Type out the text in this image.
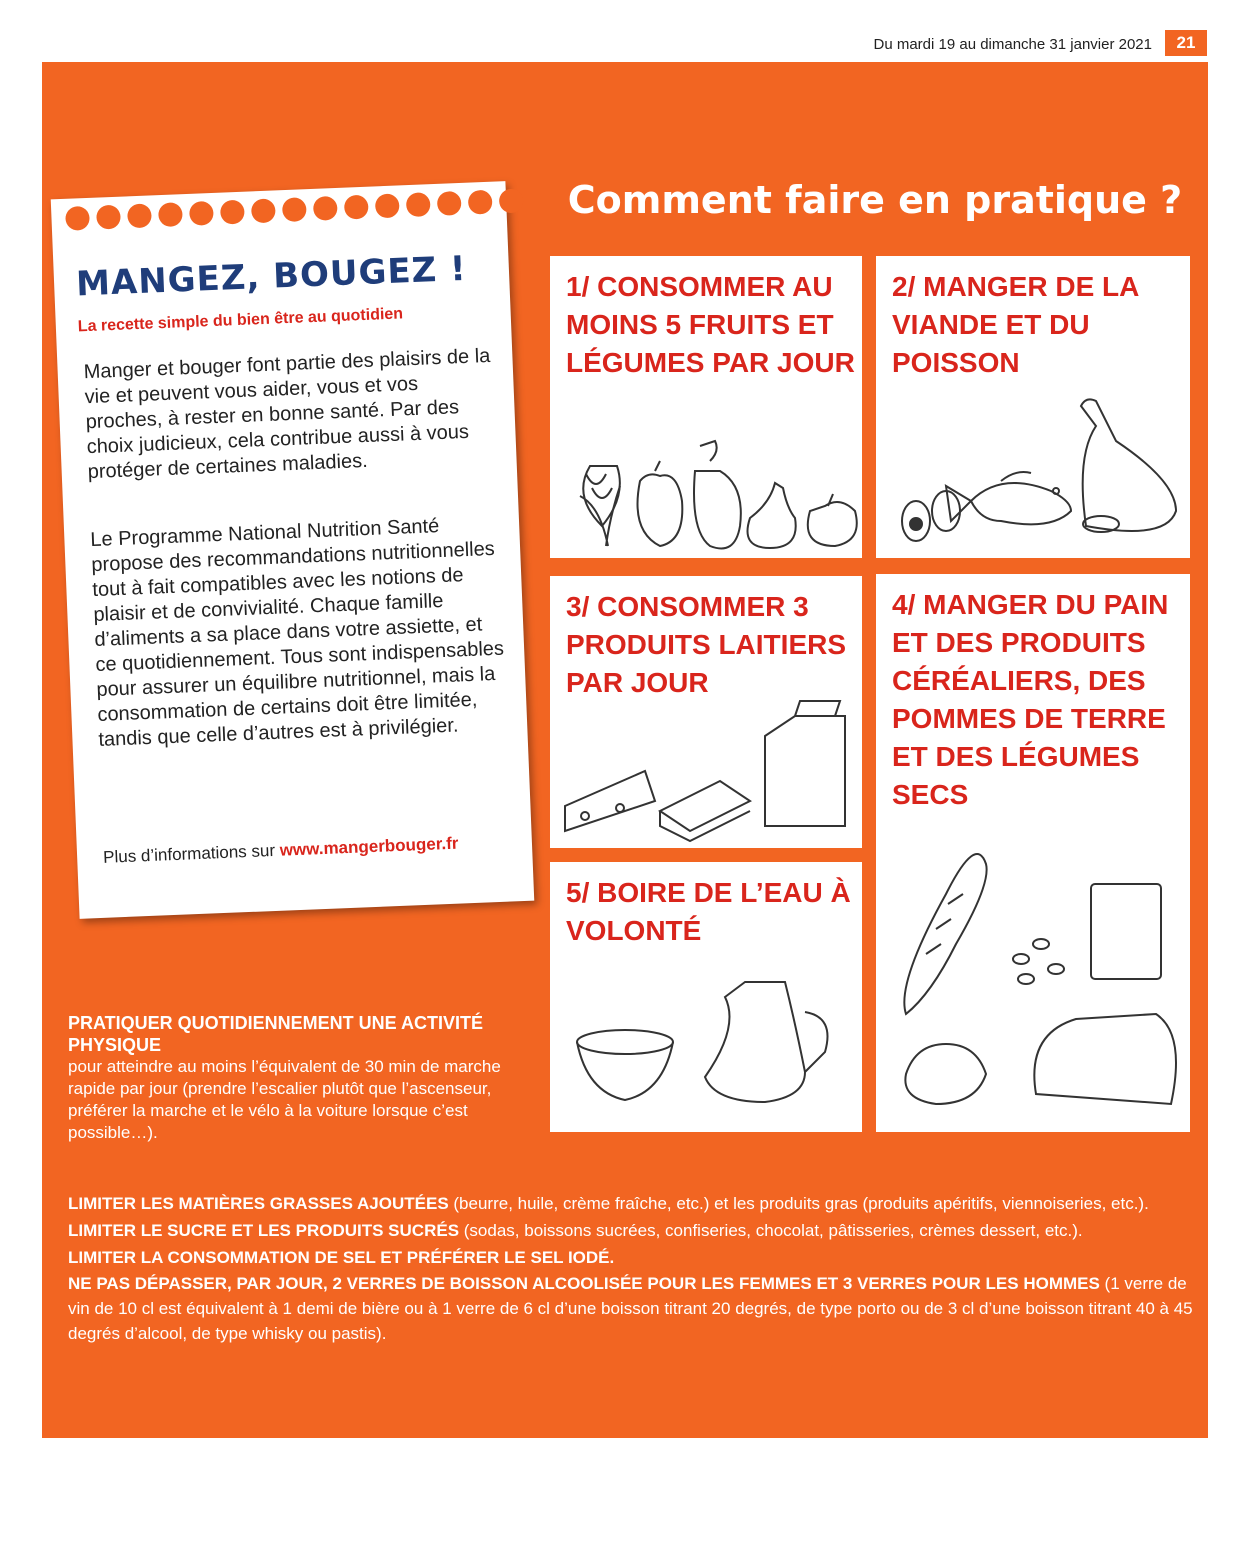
Du mardi 19 au dimanche 31 janvier 2021	21
MANGEZ, BOUGEZ !
La recette simple du bien être au quotidien
Manger et bouger font partie des plaisirs de la vie et peuvent vous aider, vous et vos proches, à rester en bonne santé. Par des choix judicieux, cela contribue aussi à vous protéger de certaines maladies.
Le Programme National Nutrition Santé propose des recommandations nutritionnelles tout à fait compatibles avec les notions de plaisir et de convivialité. Chaque famille d’aliments a sa place dans votre assiette, et ce quotidiennement. Tous sont indispensables pour assurer un équilibre nutritionnel, mais la consommation de certains doit être limitée, tandis que celle d’autres est à privilégier.
Plus d’informations sur www.mangerbouger.fr
Comment faire en pratique ?
1/ CONSOMMER AU MOINS 5 FRUITS ET LÉGUMES PAR JOUR
2/ MANGER DE LA VIANDE ET DU POISSON
3/ CONSOMMER 3 PRODUITS LAITIERS PAR JOUR
4/ MANGER DU PAIN ET DES PRODUITS CÉRÉALIERS, DES POMMES DE TERRE ET DES LÉGUMES SECS
5/ BOIRE DE L’EAU À VOLONTÉ
PRATIQUER QUOTIDIENNEMENT UNE ACTIVITÉ PHYSIQUE
pour atteindre au moins l’équivalent de 30 min de marche rapide par jour (prendre l’escalier plutôt que l’ascenseur, préférer la marche et le vélo à la voiture lorsque c’est possible…).
LIMITER LES MATIÈRES GRASSES AJOUTÉES (beurre, huile, crème fraîche, etc.) et les produits gras (produits apéritifs, viennoiseries, etc.).
LIMITER LE SUCRE ET LES PRODUITS SUCRÉS (sodas, boissons sucrées, confiseries, chocolat, pâtisseries, crèmes dessert, etc.).
LIMITER LA CONSOMMATION DE SEL ET PRÉFÉRER LE SEL IODÉ.
NE PAS DÉPASSER, PAR JOUR, 2 VERRES DE BOISSON ALCOOLISÉE POUR LES FEMMES ET 3 VERRES POUR LES HOMMES (1 verre de vin de 10 cl est équivalent à 1 demi de bière ou à 1 verre de 6 cl d’une boisson titrant 20 degrés, de type porto ou de 3 cl d’une boisson titrant 40 à 45 degrés d’alcool, de type whisky ou pastis).
